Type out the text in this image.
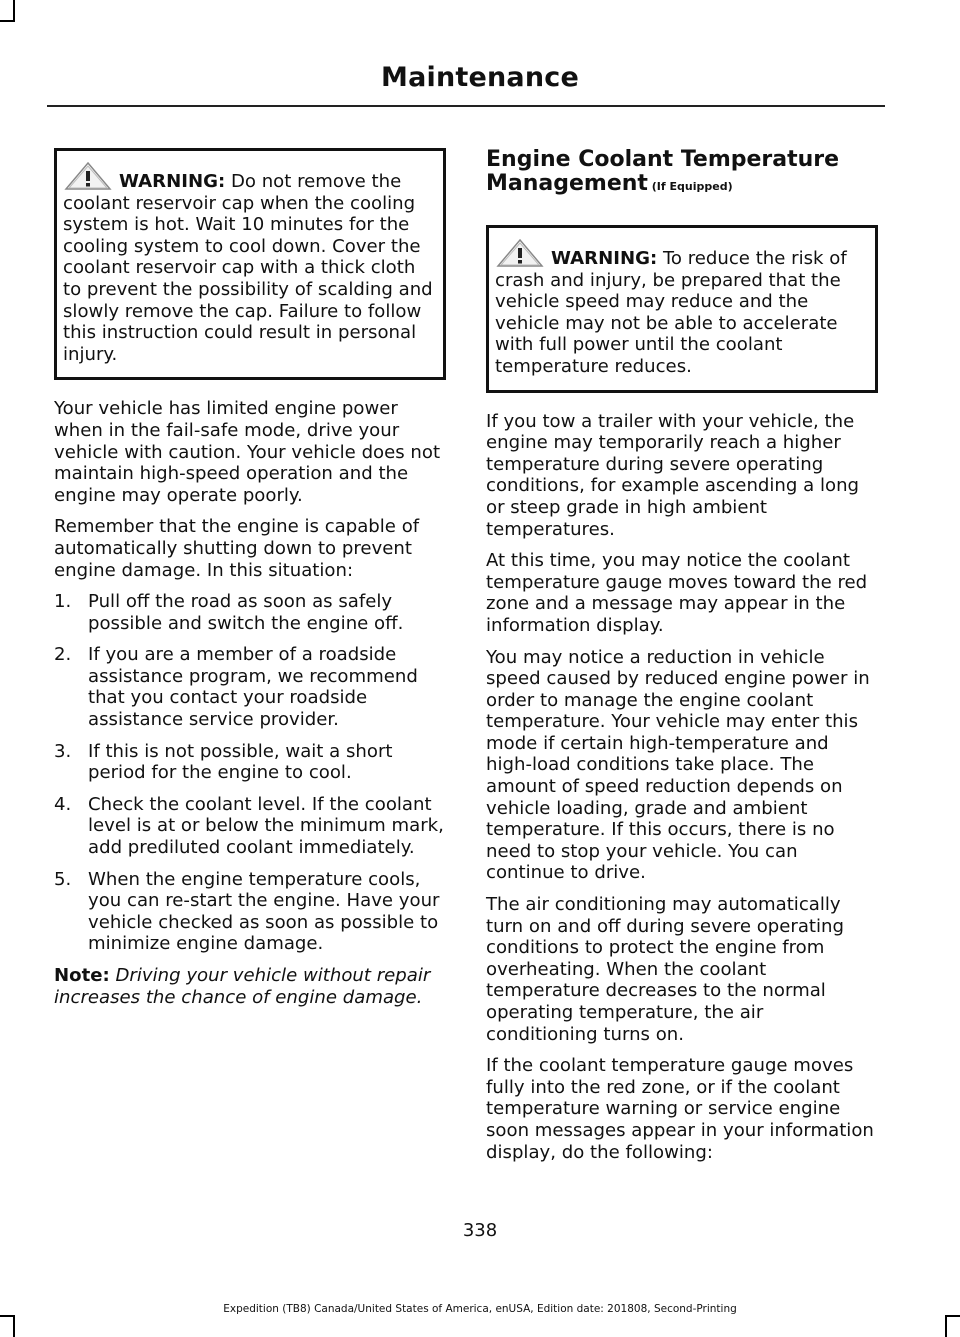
Maintenance
WARNING: Do not remove the coolant reservoir cap when the cooling system is hot. Wait 10 minutes for the cooling system to cool down. Cover the coolant reservoir cap with a thick cloth to prevent the possibility of scalding and slowly remove the cap. Failure to follow this instruction could result in personal injury.

Your vehicle has limited engine power when in the fail-safe mode, drive your vehicle with caution. Your vehicle does not maintain high-speed operation and the engine may operate poorly.

Remember that the engine is capable of automatically shutting down to prevent engine damage. In this situation:

1. Pull off the road as soon as safely possible and switch the engine off.
2. If you are a member of a roadside assistance program, we recommend that you contact your roadside assistance service provider.
3. If this is not possible, wait a short period for the engine to cool.
4. Check the coolant level. If the coolant level is at or below the minimum mark, add prediluted coolant immediately.
5. When the engine temperature cools, you can re-start the engine. Have your vehicle checked as soon as possible to minimize engine damage.

Note: Driving your vehicle without repair increases the chance of engine damage.

Engine Coolant Temperature Management (If Equipped)
WARNING: To reduce the risk of crash and injury, be prepared that the vehicle speed may reduce and the vehicle may not be able to accelerate with full power until the coolant temperature reduces.

If you tow a trailer with your vehicle, the engine may temporarily reach a higher temperature during severe operating conditions, for example ascending a long or steep grade in high ambient temperatures.

At this time, you may notice the coolant temperature gauge moves toward the red zone and a message may appear in the information display.

You may notice a reduction in vehicle speed caused by reduced engine power in order to manage the engine coolant temperature. Your vehicle may enter this mode if certain high-temperature and high-load conditions take place. The amount of speed reduction depends on vehicle loading, grade and ambient temperature. If this occurs, there is no need to stop your vehicle. You can continue to drive.

The air conditioning may automatically turn on and off during severe operating conditions to protect the engine from overheating. When the coolant temperature decreases to the normal operating temperature, the air conditioning turns on.

If the coolant temperature gauge moves fully into the red zone, or if the coolant temperature warning or service engine soon messages appear in your information display, do the following:

338
Expedition (TB8) Canada/United States of America, enUSA, Edition date: 201808, Second-Printing
